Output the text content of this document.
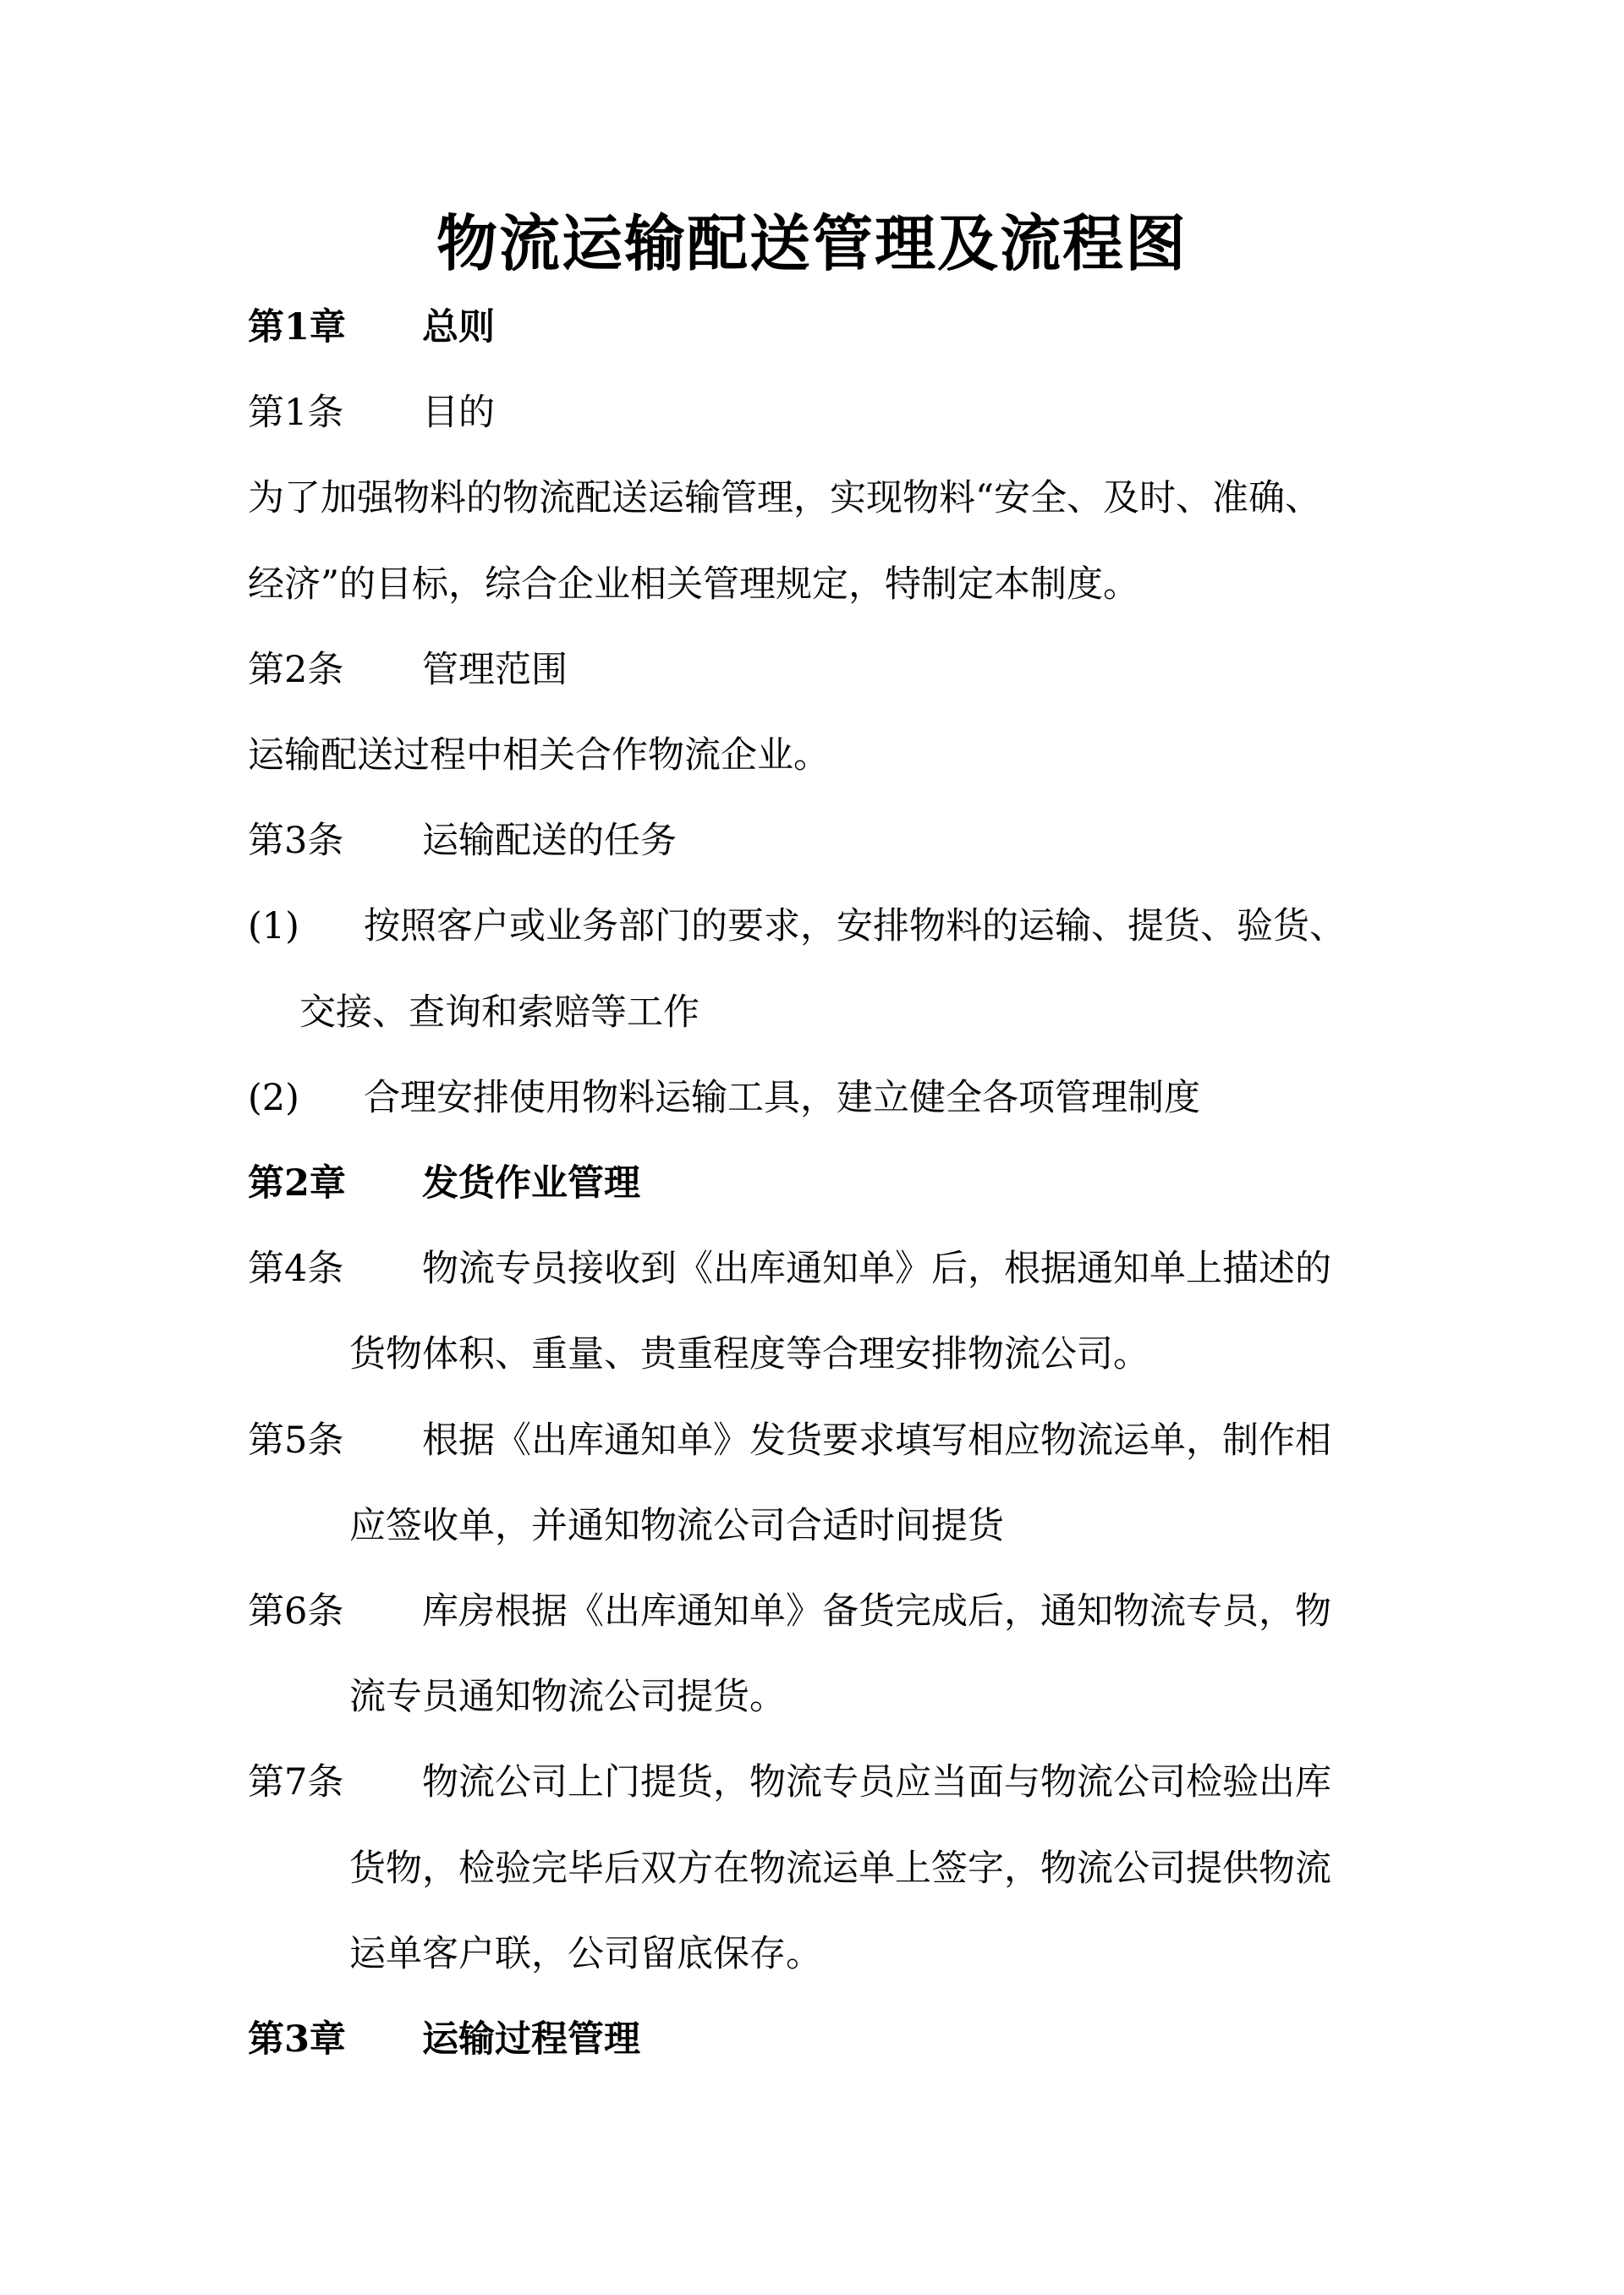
物流运输配送管理及流程图
第1章 总则
第1条 目的
为了加强物料的物流配送运输管理，实现物料“安全、及时、准确、
经济”的目标，综合企业相关管理规定，特制定本制度。
第2条 管理范围
运输配送过程中相关合作物流企业。
第3条 运输配送的任务
(1) 按照客户或业务部门的要求，安排物料的运输、提货、验货、
交接、查询和索赔等工作
(2) 合理安排使用物料运输工具，建立健全各项管理制度
第2章 发货作业管理
第4条 物流专员接收到《出库通知单》后，根据通知单上描述的
货物体积、重量、贵重程度等合理安排物流公司。
第5条 根据《出库通知单》发货要求填写相应物流运单，制作相
应签收单，并通知物流公司合适时间提货
第6条 库房根据《出库通知单》备货完成后，通知物流专员，物
流专员通知物流公司提货。
第7条 物流公司上门提货，物流专员应当面与物流公司检验出库
货物，检验完毕后双方在物流运单上签字，物流公司提供物流
运单客户联，公司留底保存。
第3章 运输过程管理
